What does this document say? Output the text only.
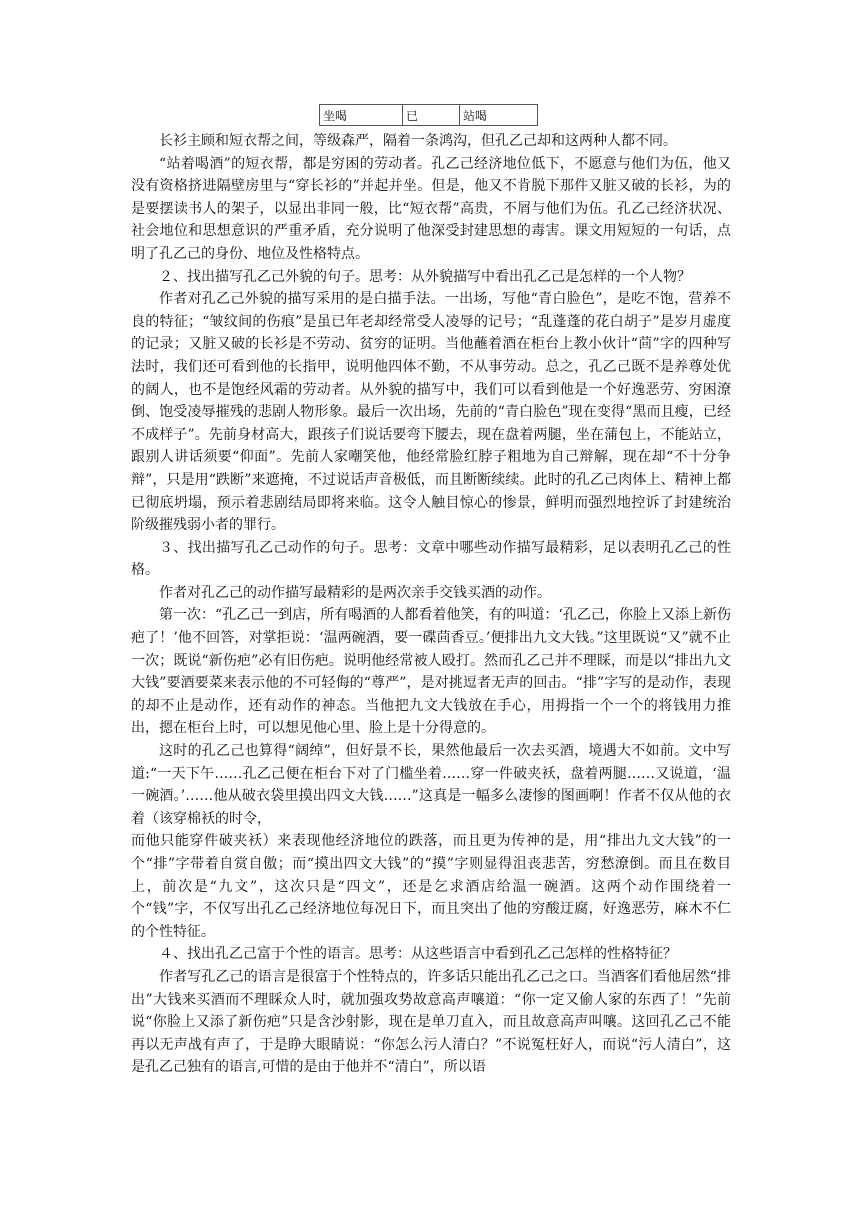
坐喝	已	站喝

长衫主顾和短衣帮之间，等级森严，隔着一条鸿沟，但孔乙己却和这两种人都不同。

“站着喝酒”的短衣帮，都是穷困的劳动者。孔乙己经济地位低下，不愿意与他们为伍，他又没有资格挤进隔壁房里与“穿长衫的”并起并坐。但是，他又不肯脱下那件又脏又破的长衫，为的是要摆读书人的架子，以显出非同一般，比“短衣帮”高贵，不屑与他们为伍。孔乙己经济状况、社会地位和思想意识的严重矛盾，充分说明了他深受封建思想的毒害。课文用短短的一句话，点明了孔乙己的身份、地位及性格特点。

２、找出描写孔乙己外貌的句子。思考：从外貌描写中看出孔乙己是怎样的一个人物？

作者对孔乙己外貌的描写采用的是白描手法。一出场，写他“青白脸色”，是吃不饱，营养不良的特征；“皱纹间的伤痕”是虽已年老却经常受人凌辱的记号；“乱蓬蓬的花白胡子”是岁月虚度的记录；又脏又破的长衫是不劳动、贫穷的证明。当他蘸着酒在柜台上教小伙计“茴”字的四种写法时，我们还可看到他的长指甲，说明他四体不勤，不从事劳动。总之，孔乙己既不是养尊处优的阔人，也不是饱经风霜的劳动者。从外貌的描写中，我们可以看到他是一个好逸恶劳、穷困潦倒、饱受凌辱摧残的悲剧人物形象。最后一次出场，先前的“青白脸色”现在变得“黑而且瘦，已经不成样子”。先前身材高大，跟孩子们说话要弯下腰去，现在盘着两腿，坐在蒲包上，不能站立，跟别人讲话须要“仰面”。先前人家嘲笑他，他经常脸红脖子粗地为自己辩解，现在却“不十分争辩”，只是用“跌断”来遮掩，不过说话声音极低，而且断断续续。此时的孔乙己肉体上、精神上都已彻底坍塌，预示着悲剧结局即将来临。这令人触目惊心的惨景，鲜明而强烈地控诉了封建统治阶级摧残弱小者的罪行。

３、找出描写孔乙己动作的句子。思考：文章中哪些动作描写最精彩，足以表明孔乙己的性格。

作者对孔乙己的动作描写最精彩的是两次亲手交钱买酒的动作。

第一次：“孔乙己一到店，所有喝酒的人都看着他笑，有的叫道：‘孔乙己，你脸上又添上新伤疤了！’他不回答，对掌拒说：‘温两碗酒，要一碟茴香豆。’便排出九文大钱。”这里既说“又”就不止一次；既说“新伤疤”必有旧伤疤。说明他经常被人殴打。然而孔乙己并不理睬，而是以“排出九文大钱”要酒要菜来表示他的不可轻侮的“尊严”，是对挑逗者无声的回击。“排”字写的是动作，表现的却不止是动作，还有动作的神态。当他把九文大钱放在手心，用拇指一个一个的将钱用力推出，摁在柜台上时，可以想见他心里、脸上是十分得意的。

这时的孔乙己也算得“阔绰”，但好景不长，果然他最后一次去买酒，境遇大不如前。文中写道:“一天下午……孔乙己便在柜台下对了门槛坐着……穿一件破夹袄，盘着两腿……又说道，‘温一碗酒。’……他从破衣袋里摸出四文大钱……”这真是一幅多么凄惨的图画啊！作者不仅从他的衣着（该穿棉袄的时令，

而他只能穿件破夹袄）来表现他经济地位的跌落，而且更为传神的是，用“排出九文大钱”的一个“排”字带着自赏自傲；而“摸出四文大钱”的“摸”字则显得沮丧悲苦，穷愁潦倒。而且在数目上，前次是“九文”，这次只是“四文”，还是乞求酒店给温一碗酒。这两个动作围绕着一个“钱”字，不仅写出孔乙己经济地位每况日下，而且突出了他的穷酸迂腐，好逸恶劳，麻木不仁的个性特征。

４、找出孔乙己富于个性的语言。思考：从这些语言中看到孔乙己怎样的性格特征？

作者写孔乙己的语言是很富于个性特点的，许多话只能出孔乙己之口。当酒客们看他居然“排出”大钱来买酒而不理睬众人时，就加强攻势故意高声嚷道：“你一定又偷人家的东西了！”先前说“你脸上又添了新伤疤”只是含沙射影，现在是单刀直入，而且故意高声叫嚷。这回孔乙己不能再以无声战有声了，于是睁大眼睛说：“你怎么污人清白？”不说冤枉好人，而说“污人清白”，这是孔乙己独有的语言,可惜的是由于他并不“清白”，所以语
